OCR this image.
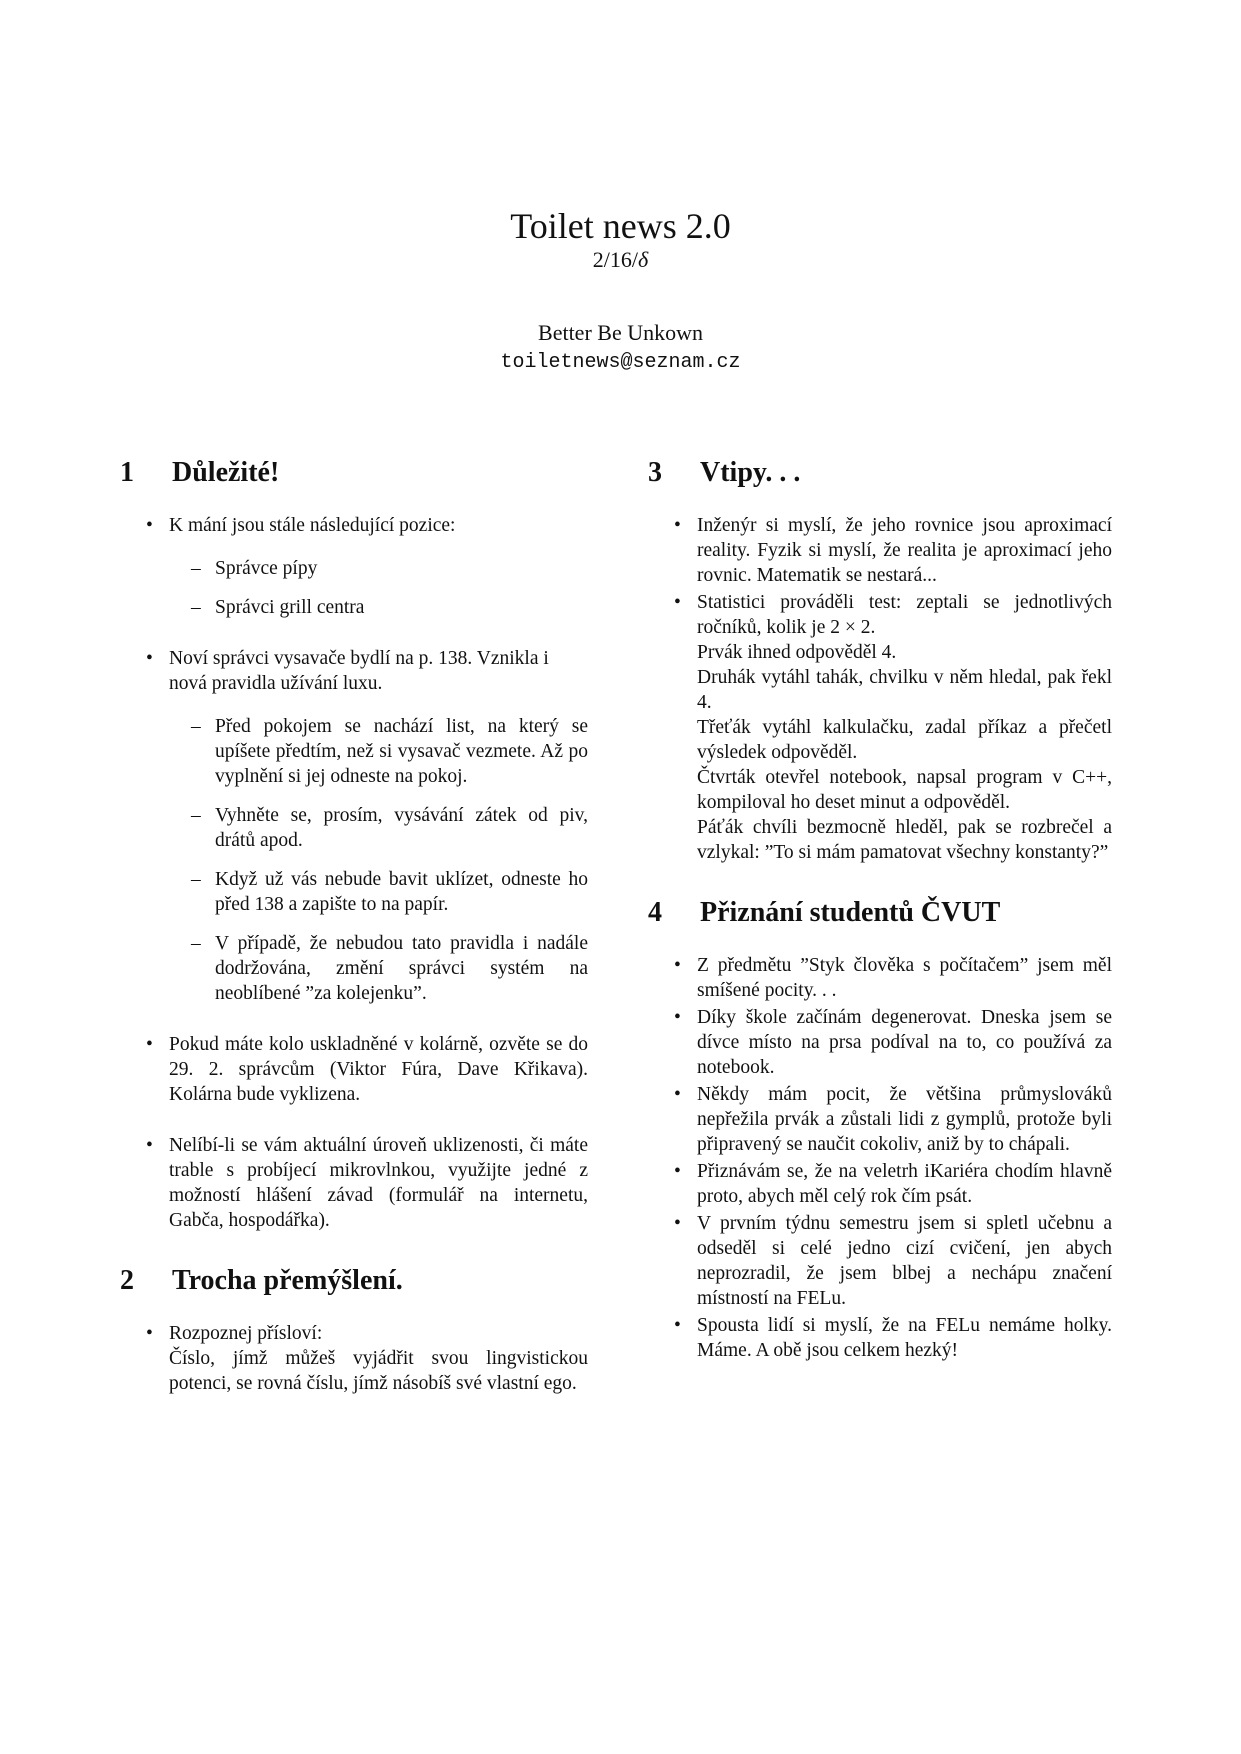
Toilet news 2.0
2/16/δ
Better Be Unkown
toiletnews@seznam.cz
1	Důležité!
• K mání jsou stále následující pozice:
– Správce pípy
– Správci grill centra
• Noví správci vysavače bydlí na p. 138. Vznikla i nová pravidla užívání luxu.
– Před pokojem se nachází list, na který se upíšete předtím, než si vysavač vezmete. Až po vyplnění si jej odneste na pokoj.
– Vyhněte se, prosím, vysávání zátek od piv, drátů apod.
– Když už vás nebude bavit uklízet, odneste ho před 138 a zapište to na papír.
– V případě, že nebudou tato pravidla i nadále dodržována, změní správci systém na neoblíbené ”za kolejenku”.
• Pokud máte kolo uskladněné v kolárně, ozvěte se do 29. 2. správcům (Viktor Fúra, Dave Křikava). Kolárna bude vyklizena.
• Nelíbí-li se vám aktuální úroveň uklizenosti, či máte trable s probíjecí mikrovlnkou, využijte jedné z možností hlášení závad (formulář na internetu, Gabča, hospodářka).
2	Trocha přemýšlení.
• Rozpoznej přísloví:
Číslo, jímž můžeš vyjádřit svou lingvistickou potenci, se rovná číslu, jímž násobíš své vlastní ego.
3	Vtipy. . .
• Inženýr si myslí, že jeho rovnice jsou aproximací reality. Fyzik si myslí, že realita je aproximací jeho rovnic. Matematik se nestará...
• Statistici prováděli test: zeptali se jednotlivých ročníků, kolik je 2 × 2.
Prvák ihned odpověděl 4.
Druhák vytáhl tahák, chvilku v něm hledal, pak řekl 4.
Třeťák vytáhl kalkulačku, zadal příkaz a přečetl výsledek odpověděl.
Čtvrták otevřel notebook, napsal program v C++, kompiloval ho deset minut a odpověděl.
Páťák chvíli bezmocně hleděl, pak se rozbrečel a vzlykal: ”To si mám pamatovat všechny konstanty?”
4	Přiznání studentů ČVUT
• Z předmětu ”Styk člověka s počítačem” jsem měl smíšené pocity. . .
• Díky škole začínám degenerovat. Dneska jsem se dívce místo na prsa podíval na to, co používá za notebook.
• Někdy mám pocit, že většina průmyslováků nepřežila prvák a zůstali lidi z gymplů, protože byli připravený se naučit cokoliv, aniž by to chápali.
• Přiznávám se, že na veletrh iKariéra chodím hlavně proto, abych měl celý rok čím psát.
• V prvním týdnu semestru jsem si spletl učebnu a odseděl si celé jedno cizí cvičení, jen abych neprozradil, že jsem blbej a nechápu značení místností na FELu.
• Spousta lidí si myslí, že na FELu nemáme holky. Máme. A obě jsou celkem hezký!
